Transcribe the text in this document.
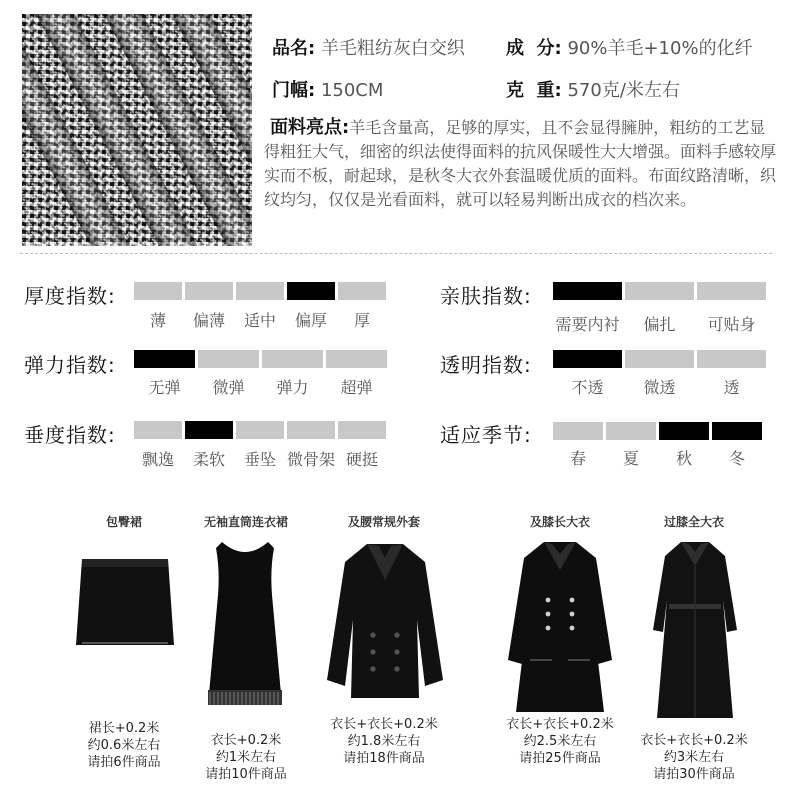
品名: 羊毛粗纺灰白交织 成  分: 90%羊毛+10%的化纤
门幅: 150CM	克  重: 570克/米左右
面料亮点:羊毛含量高，足够的厚实，且不会显得臃肿，粗纺的工艺显得粗狂大气，细密的织法使得面料的抗风保暖性大大增强。面料手感较厚实而不板，耐起球，是秋冬大衣外套温暖优质的面料。布面纹路清晰，织纹均匀，仅仅是光看面料，就可以轻易判断出成衣的档次来。
厚度指数:
薄	偏薄	适中	偏厚	厚
弹力指数:
无弹	微弹	弹力	超弹
垂度指数:
飘逸	柔软	垂坠 微骨架 硬挺
亲肤指数:
需要内衬	偏扎	可贴身
透明指数:
不透	微透	透
适应季节:
春	夏	秋	冬
包臀裙
裙长+0.2米
约0.6米左右
请拍6件商品
无袖直筒连衣裙
衣长+0.2米
约1米左右
请拍10件商品
及腰常规外套
衣长+衣长+0.2米
约1.8米左右
请拍18件商品
及膝长大衣
衣长+衣长+0.2米
约2.5米左右
请拍25件商品
过膝全大衣
衣长+衣长+0.2米
约3米左右
请拍30件商品
